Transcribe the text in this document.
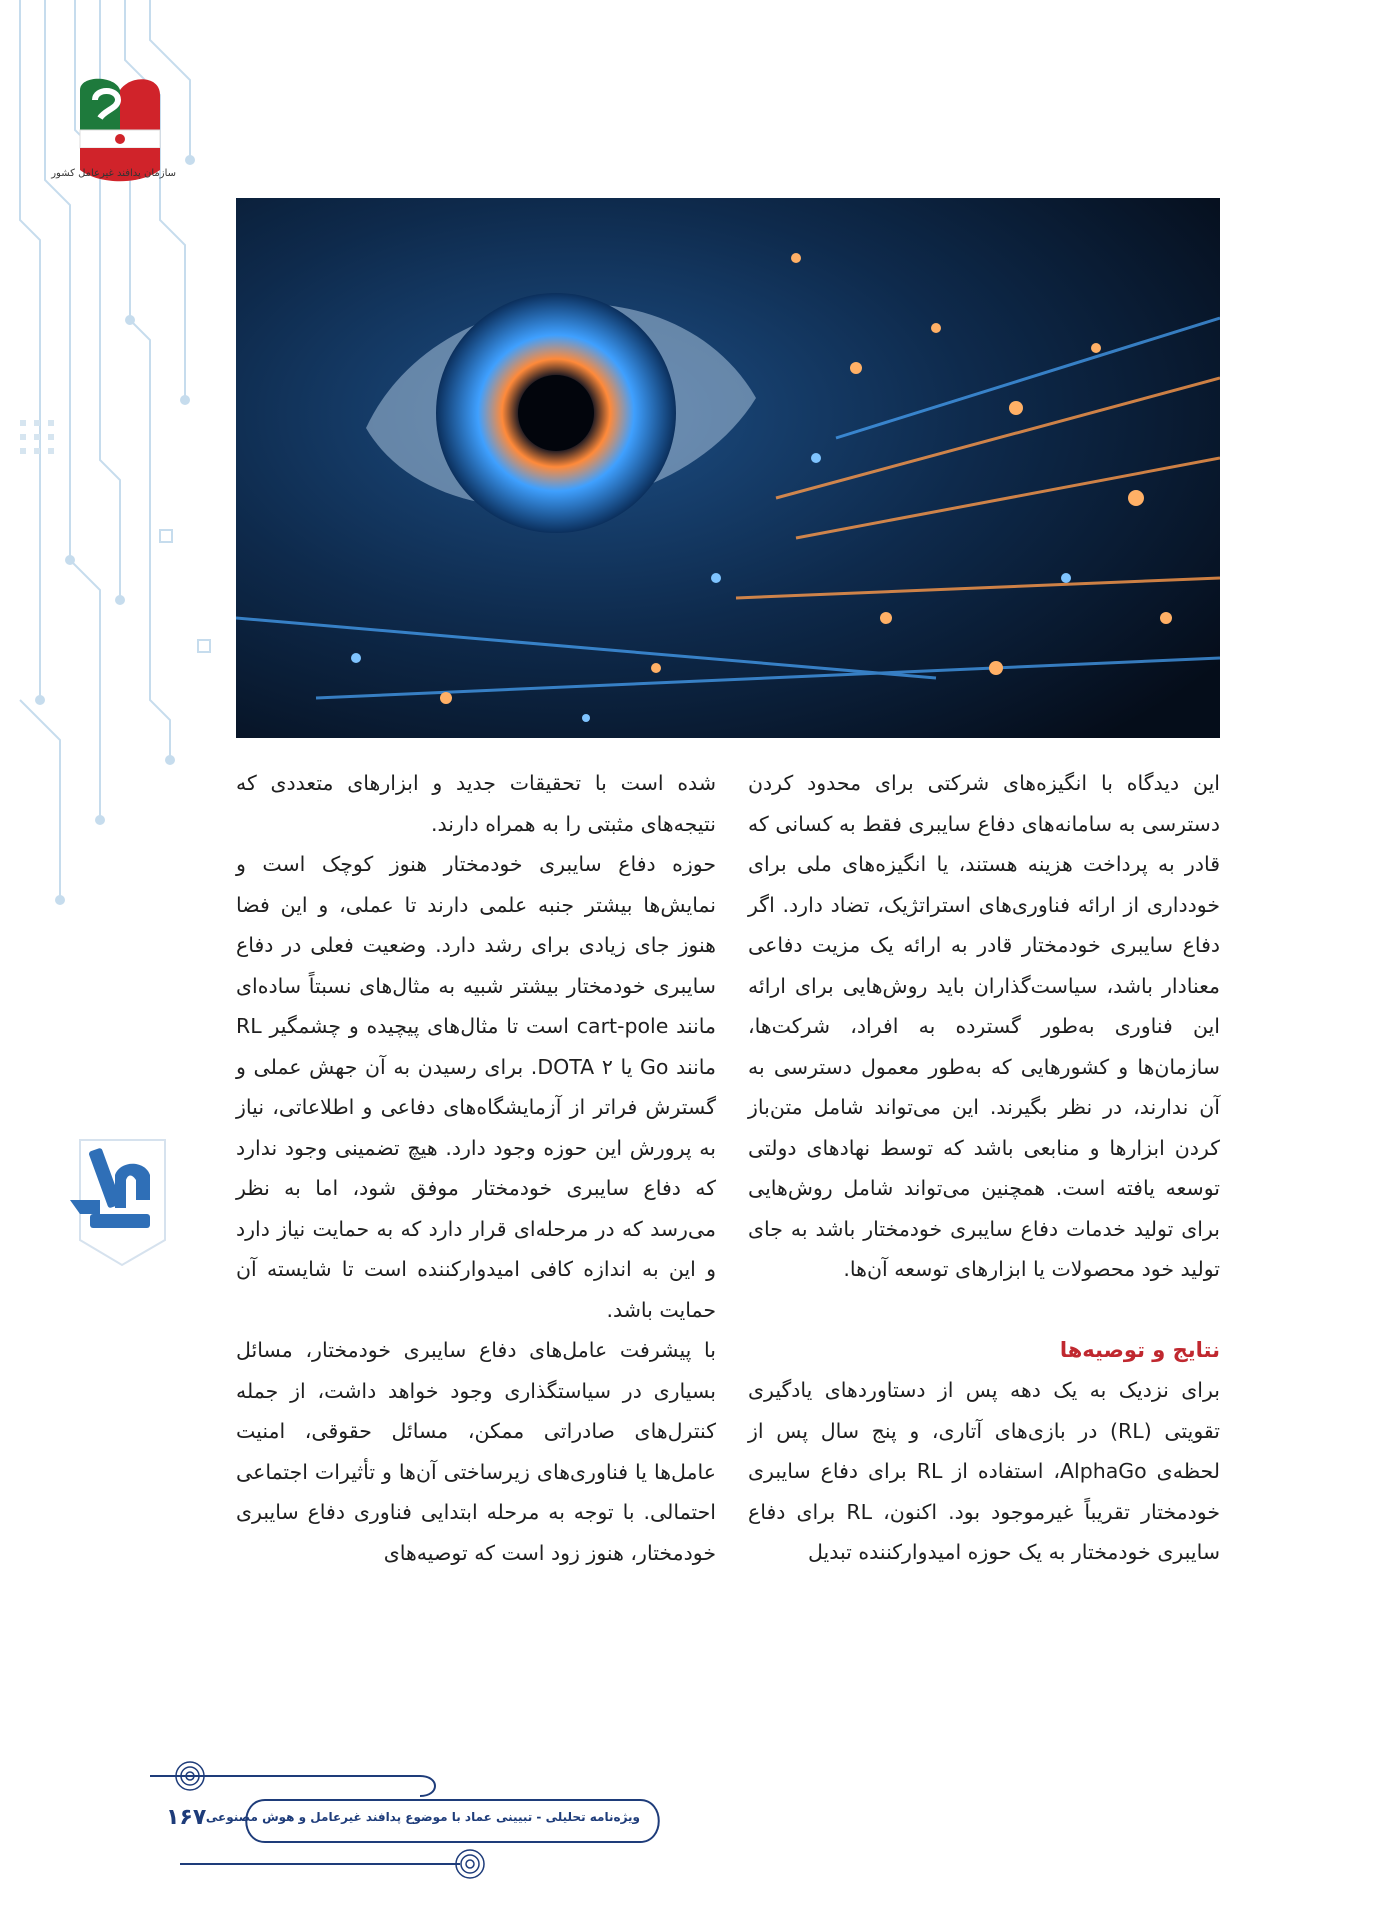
سازمان پدافند غیرعامل کشور

این دیدگاه با انگیزه‌های شرکتی برای محدود کردن دسترسی به سامانه‌های دفاع سایبری فقط به کسانی که قادر به پرداخت هزینه هستند، یا انگیزه‌های ملی برای خودداری از ارائه فناوری‌های استراتژیک، تضاد دارد. اگر دفاع سایبری خودمختار قادر به ارائه یک مزیت دفاعی معنادار باشد، سیاست‌گذاران باید روش‌هایی برای ارائه این فناوری به‌طور گسترده به افراد، شرکت‌ها، سازمان‌ها و کشورهایی که به‌طور معمول دسترسی به آن ندارند، در نظر بگیرند. این می‌تواند شامل متن‌باز کردن ابزارها و منابعی باشد که توسط نهادهای دولتی توسعه یافته است. همچنین می‌تواند شامل روش‌هایی برای تولید خدمات دفاع سایبری خودمختار باشد به جای تولید خود محصولات یا ابزارهای توسعه آن‌ها.

نتایج و توصیه‌ها

برای نزدیک به یک دهه پس از دستاوردهای یادگیری تقویتی (RL) در بازی‌های آتاری، و پنج سال پس از لحظه‌ی AlphaGo، استفاده از RL برای دفاع سایبری خودمختار تقریباً غیرموجود بود. اکنون، RL برای دفاع سایبری خودمختار به یک حوزه امیدوارکننده تبدیل

شده است با تحقیقات جدید و ابزارهای متعددی که نتیجه‌های مثبتی را به همراه دارند.

حوزه دفاع سایبری خودمختار هنوز کوچک است و نمایش‌ها بیشتر جنبه علمی دارند تا عملی، و این فضا هنوز جای زیادی برای رشد دارد. وضعیت فعلی در دفاع سایبری خودمختار بیشتر شبیه به مثال‌های نسبتاً ساده‌ای مانند cart-pole است تا مثال‌های پیچیده و چشمگیر RL مانند Go یا DOTA ۲. برای رسیدن به آن جهش عملی و گسترش فراتر از آزمایشگاه‌های دفاعی و اطلاعاتی، نیاز به پرورش این حوزه وجود دارد. هیچ تضمینی وجود ندارد که دفاع سایبری خودمختار موفق شود، اما به نظر می‌رسد که در مرحله‌ای قرار دارد که به حمایت نیاز دارد و این به اندازه کافی امیدوارکننده است تا شایسته آن حمایت باشد.

با پیشرفت عامل‌های دفاع سایبری خودمختار، مسائل بسیاری در سیاستگذاری وجود خواهد داشت، از جمله کنترل‌های صادراتی ممکن، مسائل حقوقی، امنیت عامل‌ها یا فناوری‌های زیرساختی آن‌ها و تأثیرات اجتماعی احتمالی. با توجه به مرحله ابتدایی فناوری دفاع سایبری خودمختار، هنوز زود است که توصیه‌های

۱۶۷ ویژه‌نامه تحلیلی - تبیینی عماد با موضوع پدافند غیرعامل و هوش مصنوعی
